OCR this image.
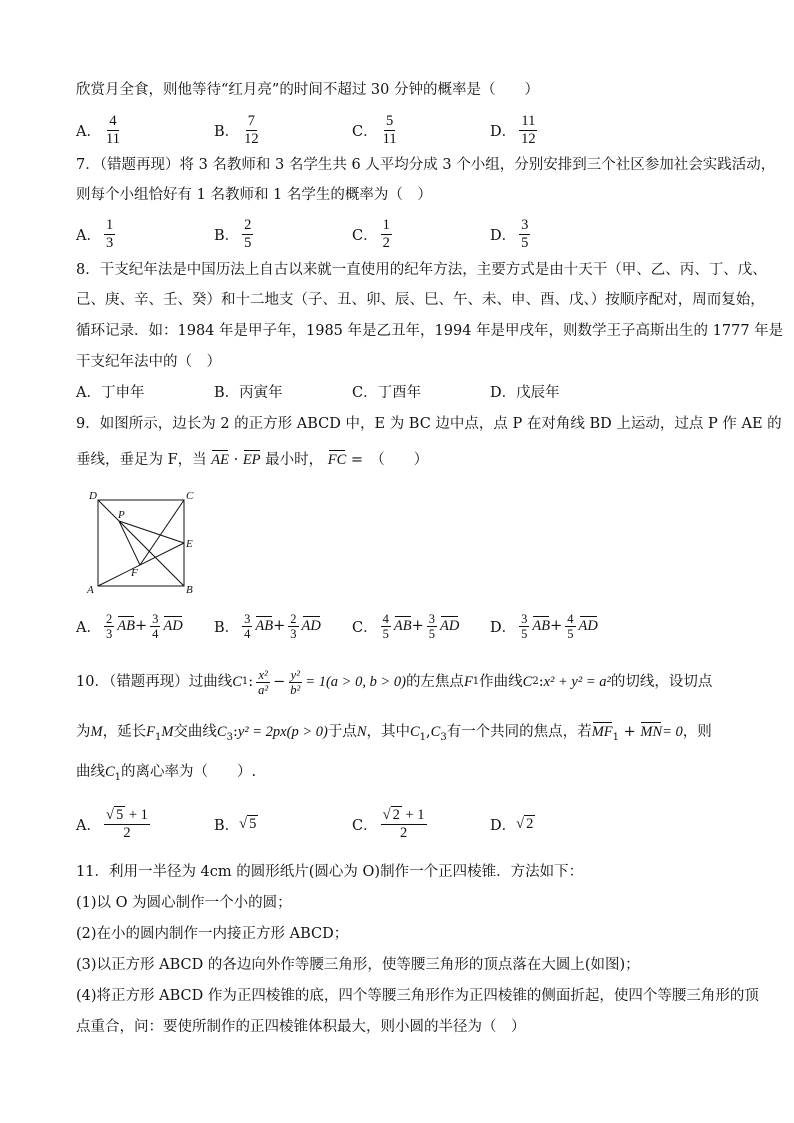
欣赏月全食，则他等待“红月亮”的时间不超过 30 分钟的概率是（　　）
A． $\frac{4}{11}$	B． $\frac{7}{12}$	C． $\frac{5}{11}$	D． $\frac{11}{12}$
7．（错题再现）将 3 名教师和 3 名学生共 6 人平均分成 3 个小组，分别安排到三个社区参加社会实践活动，
则每个小组恰好有 1 名教师和 1 名学生的概率为（　）
A． $\frac{1}{3}$	B． $\frac{2}{5}$	C． $\frac{1}{2}$	D． $\frac{3}{5}$
8．干支纪年法是中国历法上自古以来就一直使用的纪年方法，主要方式是由十天干（甲、乙、丙、丁、戊、
己、庚、辛、壬、癸）和十二地支（子、丑、卯、辰、巳、午、未、申、酉、戊、）按顺序配对，周而复始，
循环记录．如：1984 年是甲子年，1985 年是乙丑年，1994 年是甲戌年，则数学王子高斯出生的 1777 年是
干支纪年法中的（　）
A．丁申年	B．丙寅年	C．丁酉年	D．戊辰年
9．如图所示，边长为 2 的正方形 ABCD 中，E 为 BC 边中点，点 P 在对角线 BD 上运动，过点 P 作 AE 的
垂线，垂足为 F，当 AE · EP 最小时， FC =　（　　）
D	C
P
E
F
A	B
A． $\frac{2}{3}$ AB + $\frac{3}{4}$ AD B． $\frac{3}{4}$ AB + $\frac{2}{3}$ AD C． $\frac{4}{5}$ AB + $\frac{3}{5}$ AD D． $\frac{3}{5}$ AB + $\frac{4}{5}$ AD
10．（错题再现）过曲线 C 1 : $\frac{\text{x²}}{\text{a²}} - \frac{\text{y²}}{\text{b²}} = 1(a > 0$, b > 0) 的左焦点 F 1 作曲线 C 2 : x² + y² = a² 的切线，设切点
为M，延长$F_1M$交曲线$C_3:y^2 = 2px(p > 0)$于点N，其中$C_1,C_3$有一个共同的焦点，若$MF_1 + MN= 0$，则
曲线$C_1$的离心率为（　　）.
A． $\frac{√ 5 + 1}{2}$	B． √ 5	C． $\frac{√ 2 + 1}{2}$	D． √ 2
11．利用一半径为 4cm 的圆形纸片(圆心为 O)制作一个正四棱锥．方法如下：
(1)以 O 为圆心制作一个小的圆；
(2)在小的圆内制作一内接正方形 ABCD；
(3)以正方形 ABCD 的各边向外作等腰三角形，使等腰三角形的顶点落在大圆上(如图)；
(4)将正方形 ABCD 作为正四棱锥的底，四个等腰三角形作为正四棱锥的侧面折起，使四个等腰三角形的顶
点重合，问：要使所制作的正四棱锥体积最大，则小圆的半径为（　）
